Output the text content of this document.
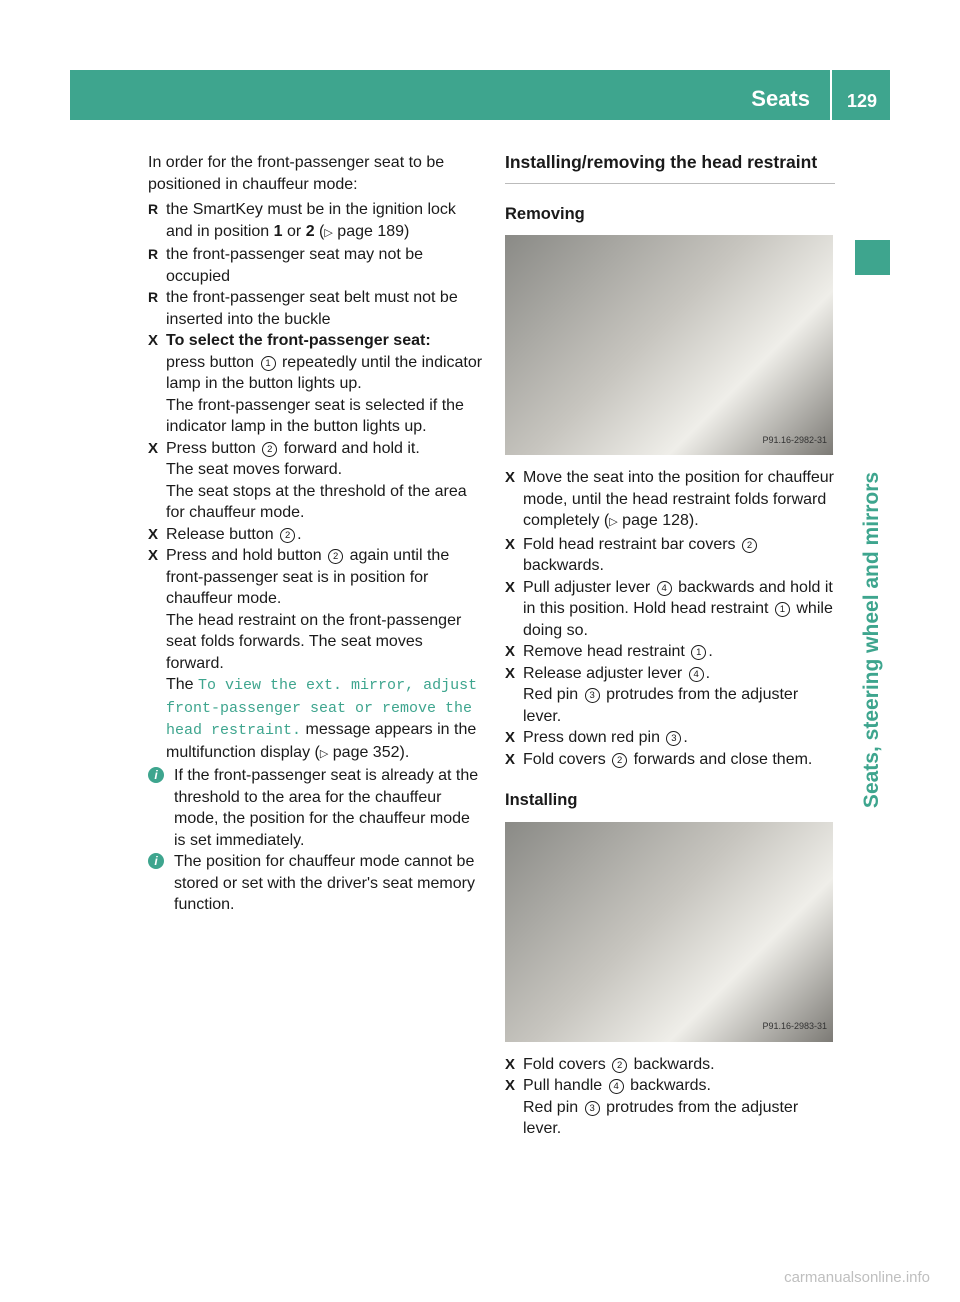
Seats	129
Seats, steering wheel and mirrors

In order for the front-passenger seat to be positioned in chauffeur mode:

R the SmartKey must be in the ignition lock and in position 1 or 2 (▷ page 189)

R the front-passenger seat may not be occupied

R the front-passenger seat belt must not be inserted into the buckle

X To select the front-passenger seat:
press button 1 repeatedly until the indicator lamp in the button lights up.
The front-passenger seat is selected if the indicator lamp in the button lights up.

X Press button 2 forward and hold it.
The seat moves forward.
The seat stops at the threshold of the area for chauffeur mode.

X Release button 2 .

X Press and hold button 2 again until the front-passenger seat is in position for chauffeur mode.
The head restraint on the front-passenger seat folds forwards. The seat moves forward.
The To view the ext. mirror, adjust front-passenger seat or remove the head restraint. message appears in the multifunction display (▷ page 352).

i	If the front-passenger seat is already at the threshold to the area for the chauffeur mode, the position for the chauffeur mode is set immediately.

i	The position for chauffeur mode cannot be stored or set with the driver's seat memory function.

Installing/removing the head restraint
Removing
P91.16-2982-31

X Move the seat into the position for chauffeur mode, until the head restraint folds forward completely (▷ page 128).

X Fold head restraint bar covers 2 backwards.

X Pull adjuster lever 4 backwards and hold it in this position. Hold head restraint 1 while doing so.

X Remove head restraint 1 .

X Release adjuster lever 4 .
Red pin 3 protrudes from the adjuster lever.

X Press down red pin 3 .

X Fold covers 2 forwards and close them.

Installing
P91.16-2983-31

X Fold covers 2 backwards.

X Pull handle 4 backwards.
Red pin 3 protrudes from the adjuster lever.

carmanualsonline.info
